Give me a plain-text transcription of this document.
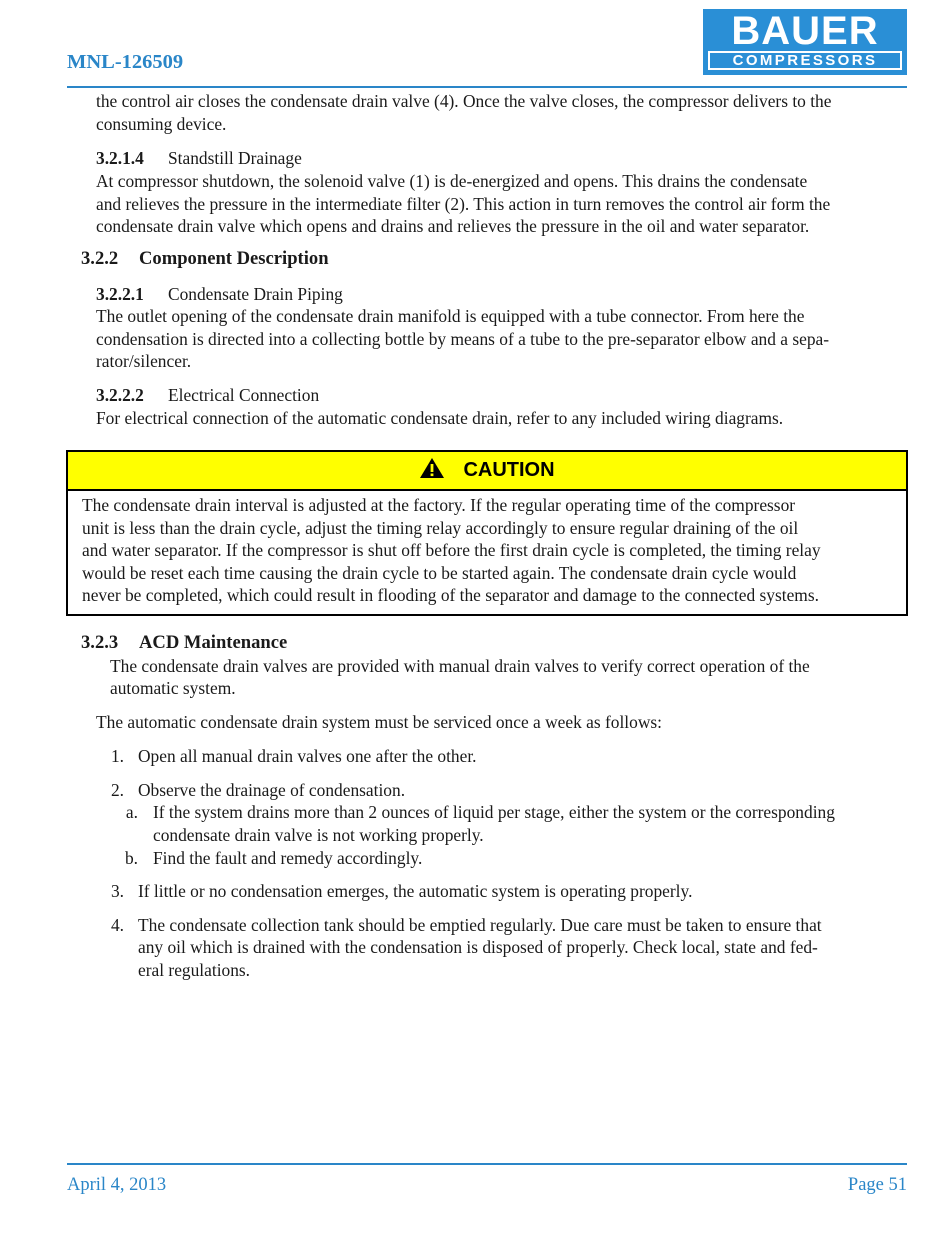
MNL-126509
BAUER
COMPRESSORS
the control air closes the condensate drain valve (4). Once the valve closes, the compressor delivers to the
consuming device.
3.2.1.4 Standstill Drainage
At compressor shutdown, the solenoid valve (1) is de-energized and opens. This drains the condensate
and relieves the pressure in the intermediate filter (2). This action in turn removes the control air form the
condensate drain valve which opens and drains and relieves the pressure in the oil and water separator.
3.2.2 Component Description
3.2.2.1 Condensate Drain Piping
The outlet opening of the condensate drain manifold is equipped with a tube connector. From here the
condensation is directed into a collecting bottle by means of a tube to the pre-separator elbow and a sepa-
rator/silencer.
3.2.2.2 Electrical Connection
For electrical connection of the automatic condensate drain, refer to any included wiring diagrams.
CAUTION
The condensate drain interval is adjusted at the factory. If the regular operating time of the compressor
unit is less than the drain cycle, adjust the timing relay accordingly to ensure regular draining of the oil
and water separator. If the compressor is shut off before the first drain cycle is completed, the timing relay
would be reset each time causing the drain cycle to be started again. The condensate drain cycle would
never be completed, which could result in flooding of the separator and damage to the connected systems.
3.2.3 ACD Maintenance
The condensate drain valves are provided with manual drain valves to verify correct operation of the
automatic system.
The automatic condensate drain system must be serviced once a week as follows:
1. Open all manual drain valves one after the other.
2. Observe the drainage of condensation.
a. If the system drains more than 2 ounces of liquid per stage, either the system or the corresponding
condensate drain valve is not working properly.
b. Find the fault and remedy accordingly.
3. If little or no condensation emerges, the automatic system is operating properly.
4. The condensate collection tank should be emptied regularly. Due care must be taken to ensure that
any oil which is drained with the condensation is disposed of properly. Check local, state and fed-
eral regulations.
April 4, 2013	Page 51
